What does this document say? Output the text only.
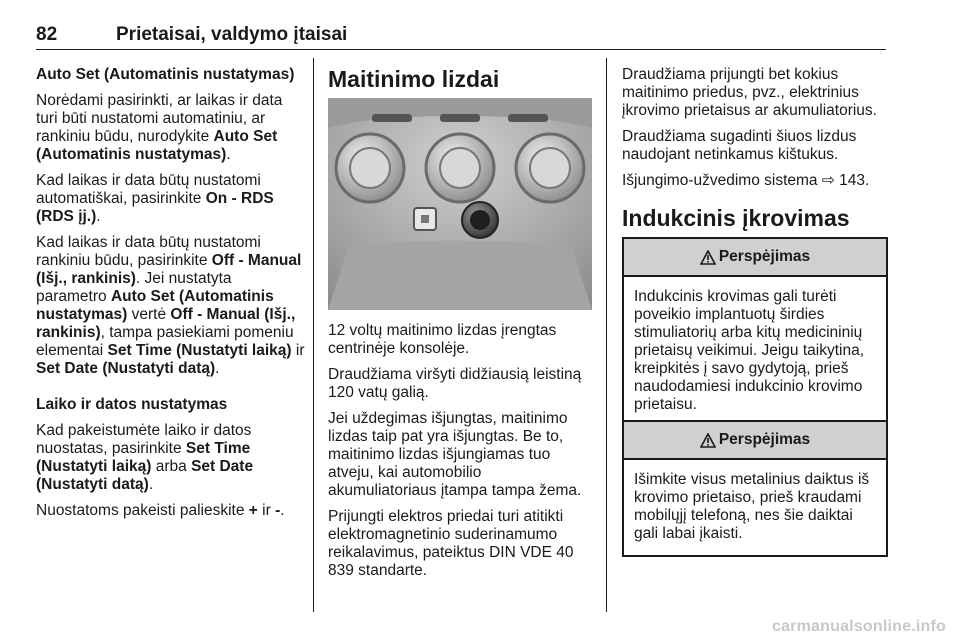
82	Prietaisai, valdymo įtaisai

Auto Set (Automatinis nustatymas)

Norėdami pasirinkti, ar laikas ir data turi būti nustatomi automatiniu, ar rankiniu būdu, nurodykite Auto Set (Automatinis nustatymas).

Kad laikas ir data būtų nustatomi automatiškai, pasirinkite On - RDS (RDS įj.).

Kad laikas ir data būtų nustatomi rankiniu būdu, pasirinkite Off - Manual (Išj., rankinis). Jei nustatyta parametro Auto Set (Automatinis nustatymas) vertė Off - Manual (Išj., rankinis), tampa pasiekiami pomeniu elementai Set Time (Nustatyti laiką) ir Set Date (Nustatyti datą).

Laiko ir datos nustatymas

Kad pakeistumėte laiko ir datos nuostatas, pasirinkite Set Time (Nustatyti laiką) arba Set Date (Nustatyti datą).

Nuostatoms pakeisti palieskite + ir -.

Maitinimo lizdai

12 voltų maitinimo lizdas įrengtas centrinėje konsolėje.

Draudžiama viršyti didžiausią leistiną 120 vatų galią.

Jei uždegimas išjungtas, maitinimo lizdas taip pat yra išjungtas. Be to, maitinimo lizdas išjungiamas tuo atveju, kai automobilio akumuliatoriaus įtampa tampa žema.

Prijungti elektros priedai turi atitikti elektromagnetinio suderinamumo reikalavimus, pateiktus DIN VDE 40 839 standarte.

Draudžiama prijungti bet kokius maitinimo priedus, pvz., elektrinius įkrovimo prietaisus ar akumuliatorius.

Draudžiama sugadinti šiuos lizdus naudojant netinkamus kištukus.

Išjungimo-užvedimo sistema ⇨ 143.

Indukcinis įkrovimas
Perspėjimas
Indukcinis krovimas gali turėti poveikio implantuotų širdies stimuliatorių arba kitų medicininių prietaisų veikimui. Jeigu taikytina, kreipkitės į savo gydytoją, prieš naudodamiesi indukcinio krovimo prietaisu.
Perspėjimas
Išimkite visus metalinius daiktus iš krovimo prietaiso, prieš kraudami mobilųjį telefoną, nes šie daiktai gali labai įkaisti.
carmanualsonline.info
